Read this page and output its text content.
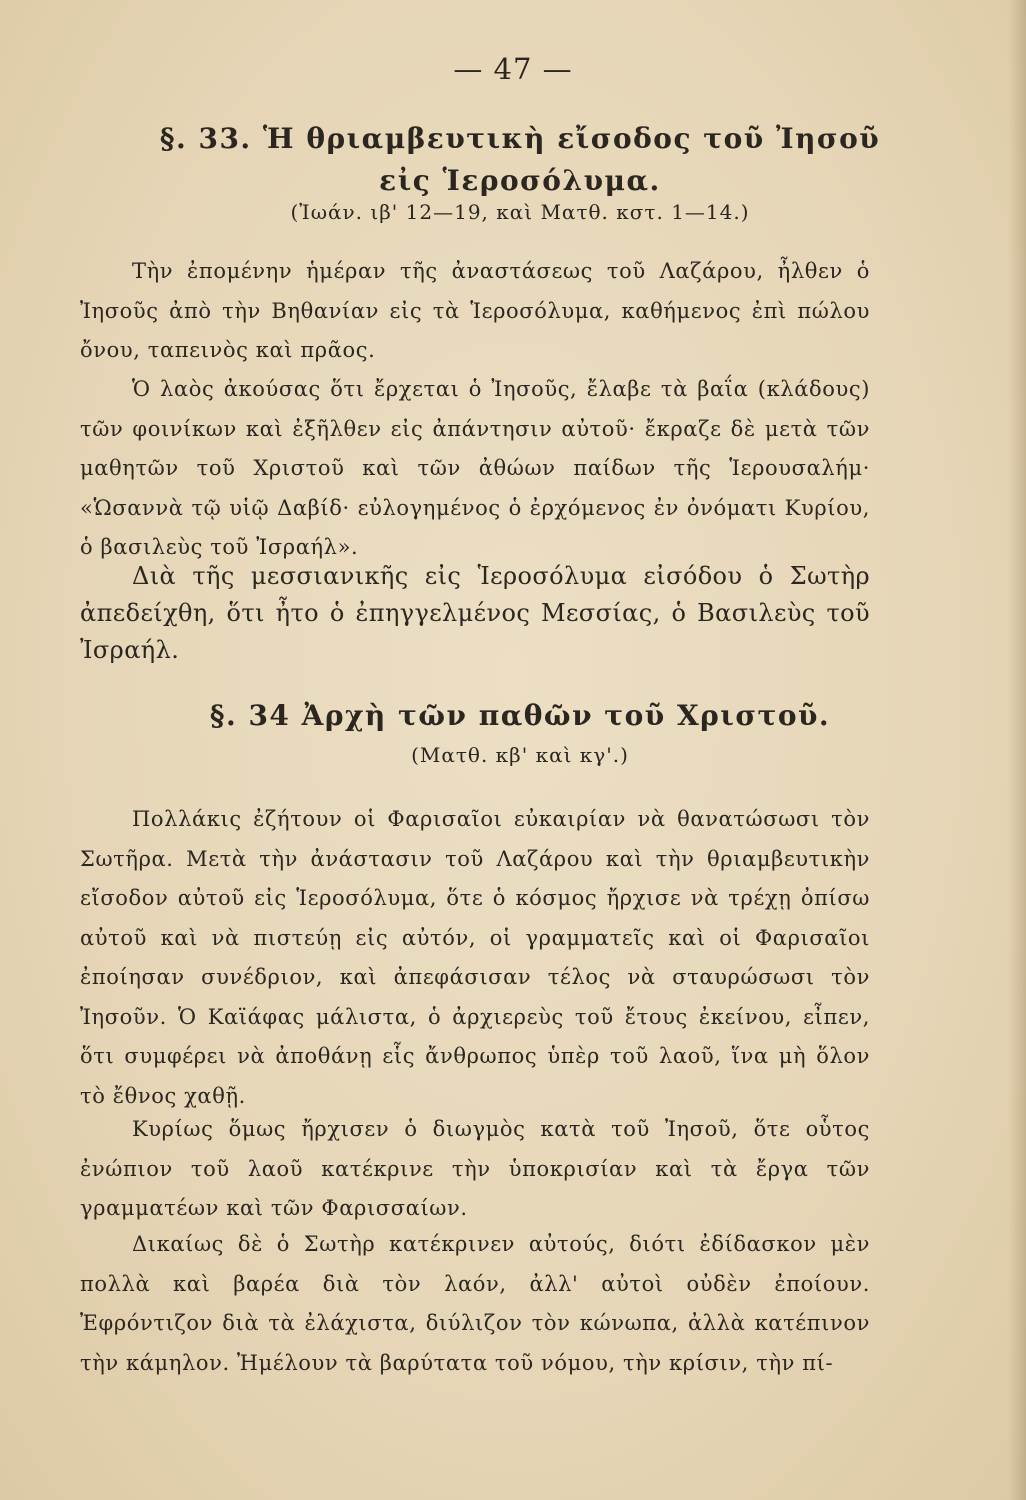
— 47 —
§. 33. Ἡ θριαμβευτικὴ εἴσοδος τοῦ Ἰησοῦ
εἰς Ἱεροσόλυμα.

(Ἰωάν. ιβ' 12—19, καὶ Ματθ. κστ. 1—14.)

Τὴν ἐπομένην ἡμέραν τῆς ἀναστάσεως τοῦ Λαζάρου, ἦλθεν ὁ Ἰησοῦς ἀπὸ τὴν Βηθανίαν εἰς τὰ Ἱεροσόλυμα, καθήμενος ἐπὶ πώλου ὄνου, ταπεινὸς καὶ πρᾶος.

Ὁ λαὸς ἀκούσας ὅτι ἔρχεται ὁ Ἰησοῦς, ἔλαβε τὰ βαΐα (κλάδους) τῶν φοινίκων καὶ ἐξῆλθεν εἰς ἀπάντησιν αὐτοῦ· ἔκραζε δὲ μετὰ τῶν μαθητῶν τοῦ Χριστοῦ καὶ τῶν ἀθώων παίδων τῆς Ἱερουσαλήμ· «Ὡσαννὰ τῷ υἱῷ Δαβίδ· εὐλογημένος ὁ ἐρχόμενος ἐν ὀνόματι Κυρίου, ὁ βασιλεὺς τοῦ Ἰσραήλ».

Διὰ τῆς μεσσιανικῆς εἰς Ἱεροσόλυμα εἰσόδου ὁ Σωτὴρ ἀπεδείχθη, ὅτι ἦτο ὁ ἐπηγγελμένος Μεσσίας, ὁ Βασιλεὺς τοῦ Ἰσραήλ.

§. 34 Ἀρχὴ τῶν παθῶν τοῦ Χριστοῦ.

(Ματθ. κβ' καὶ κγ'.)

Πολλάκις ἐζήτουν οἱ Φαρισαῖοι εὐκαιρίαν νὰ θανατώσωσι τὸν Σωτῆρα. Μετὰ τὴν ἀνάστασιν τοῦ Λαζάρου καὶ τὴν θριαμβευτικὴν εἴσοδον αὐτοῦ εἰς Ἱεροσόλυμα, ὅτε ὁ κόσμος ἤρχισε νὰ τρέχῃ ὀπίσω αὐτοῦ καὶ νὰ πιστεύῃ εἰς αὐτόν, οἱ γραμματεῖς καὶ οἱ Φαρισαῖοι ἐποίησαν συνέδριον, καὶ ἀπεφάσισαν τέλος νὰ σταυρώσωσι τὸν Ἰησοῦν. Ὁ Καϊάφας μάλιστα, ὁ ἀρχιερεὺς τοῦ ἔτους ἐκείνου, εἶπεν, ὅτι συμφέρει νὰ ἀποθάνῃ εἷς ἄνθρωπος ὑπὲρ τοῦ λαοῦ, ἵνα μὴ ὅλον τὸ ἔθνος χαθῇ.

Κυρίως ὅμως ἤρχισεν ὁ διωγμὸς κατὰ τοῦ Ἰησοῦ, ὅτε οὗτος ἐνώπιον τοῦ λαοῦ κατέκρινε τὴν ὑποκρισίαν καὶ τὰ ἔργα τῶν γραμματέων καὶ τῶν Φαρισσαίων.

Δικαίως δὲ ὁ Σωτὴρ κατέκρινεν αὐτούς, διότι ἐδίδασκον μὲν πολλὰ καὶ βαρέα διὰ τὸν λαόν, ἀλλ' αὐτοὶ οὐδὲν ἐποίουν. Ἐφρόντιζον διὰ τὰ ἐλάχιστα, διύλιζον τὸν κώνωπα, ἀλλὰ κατέπινον τὴν κάμηλον. Ἠμέλουν τὰ βαρύτατα τοῦ νόμου, τὴν κρίσιν, τὴν πί-
